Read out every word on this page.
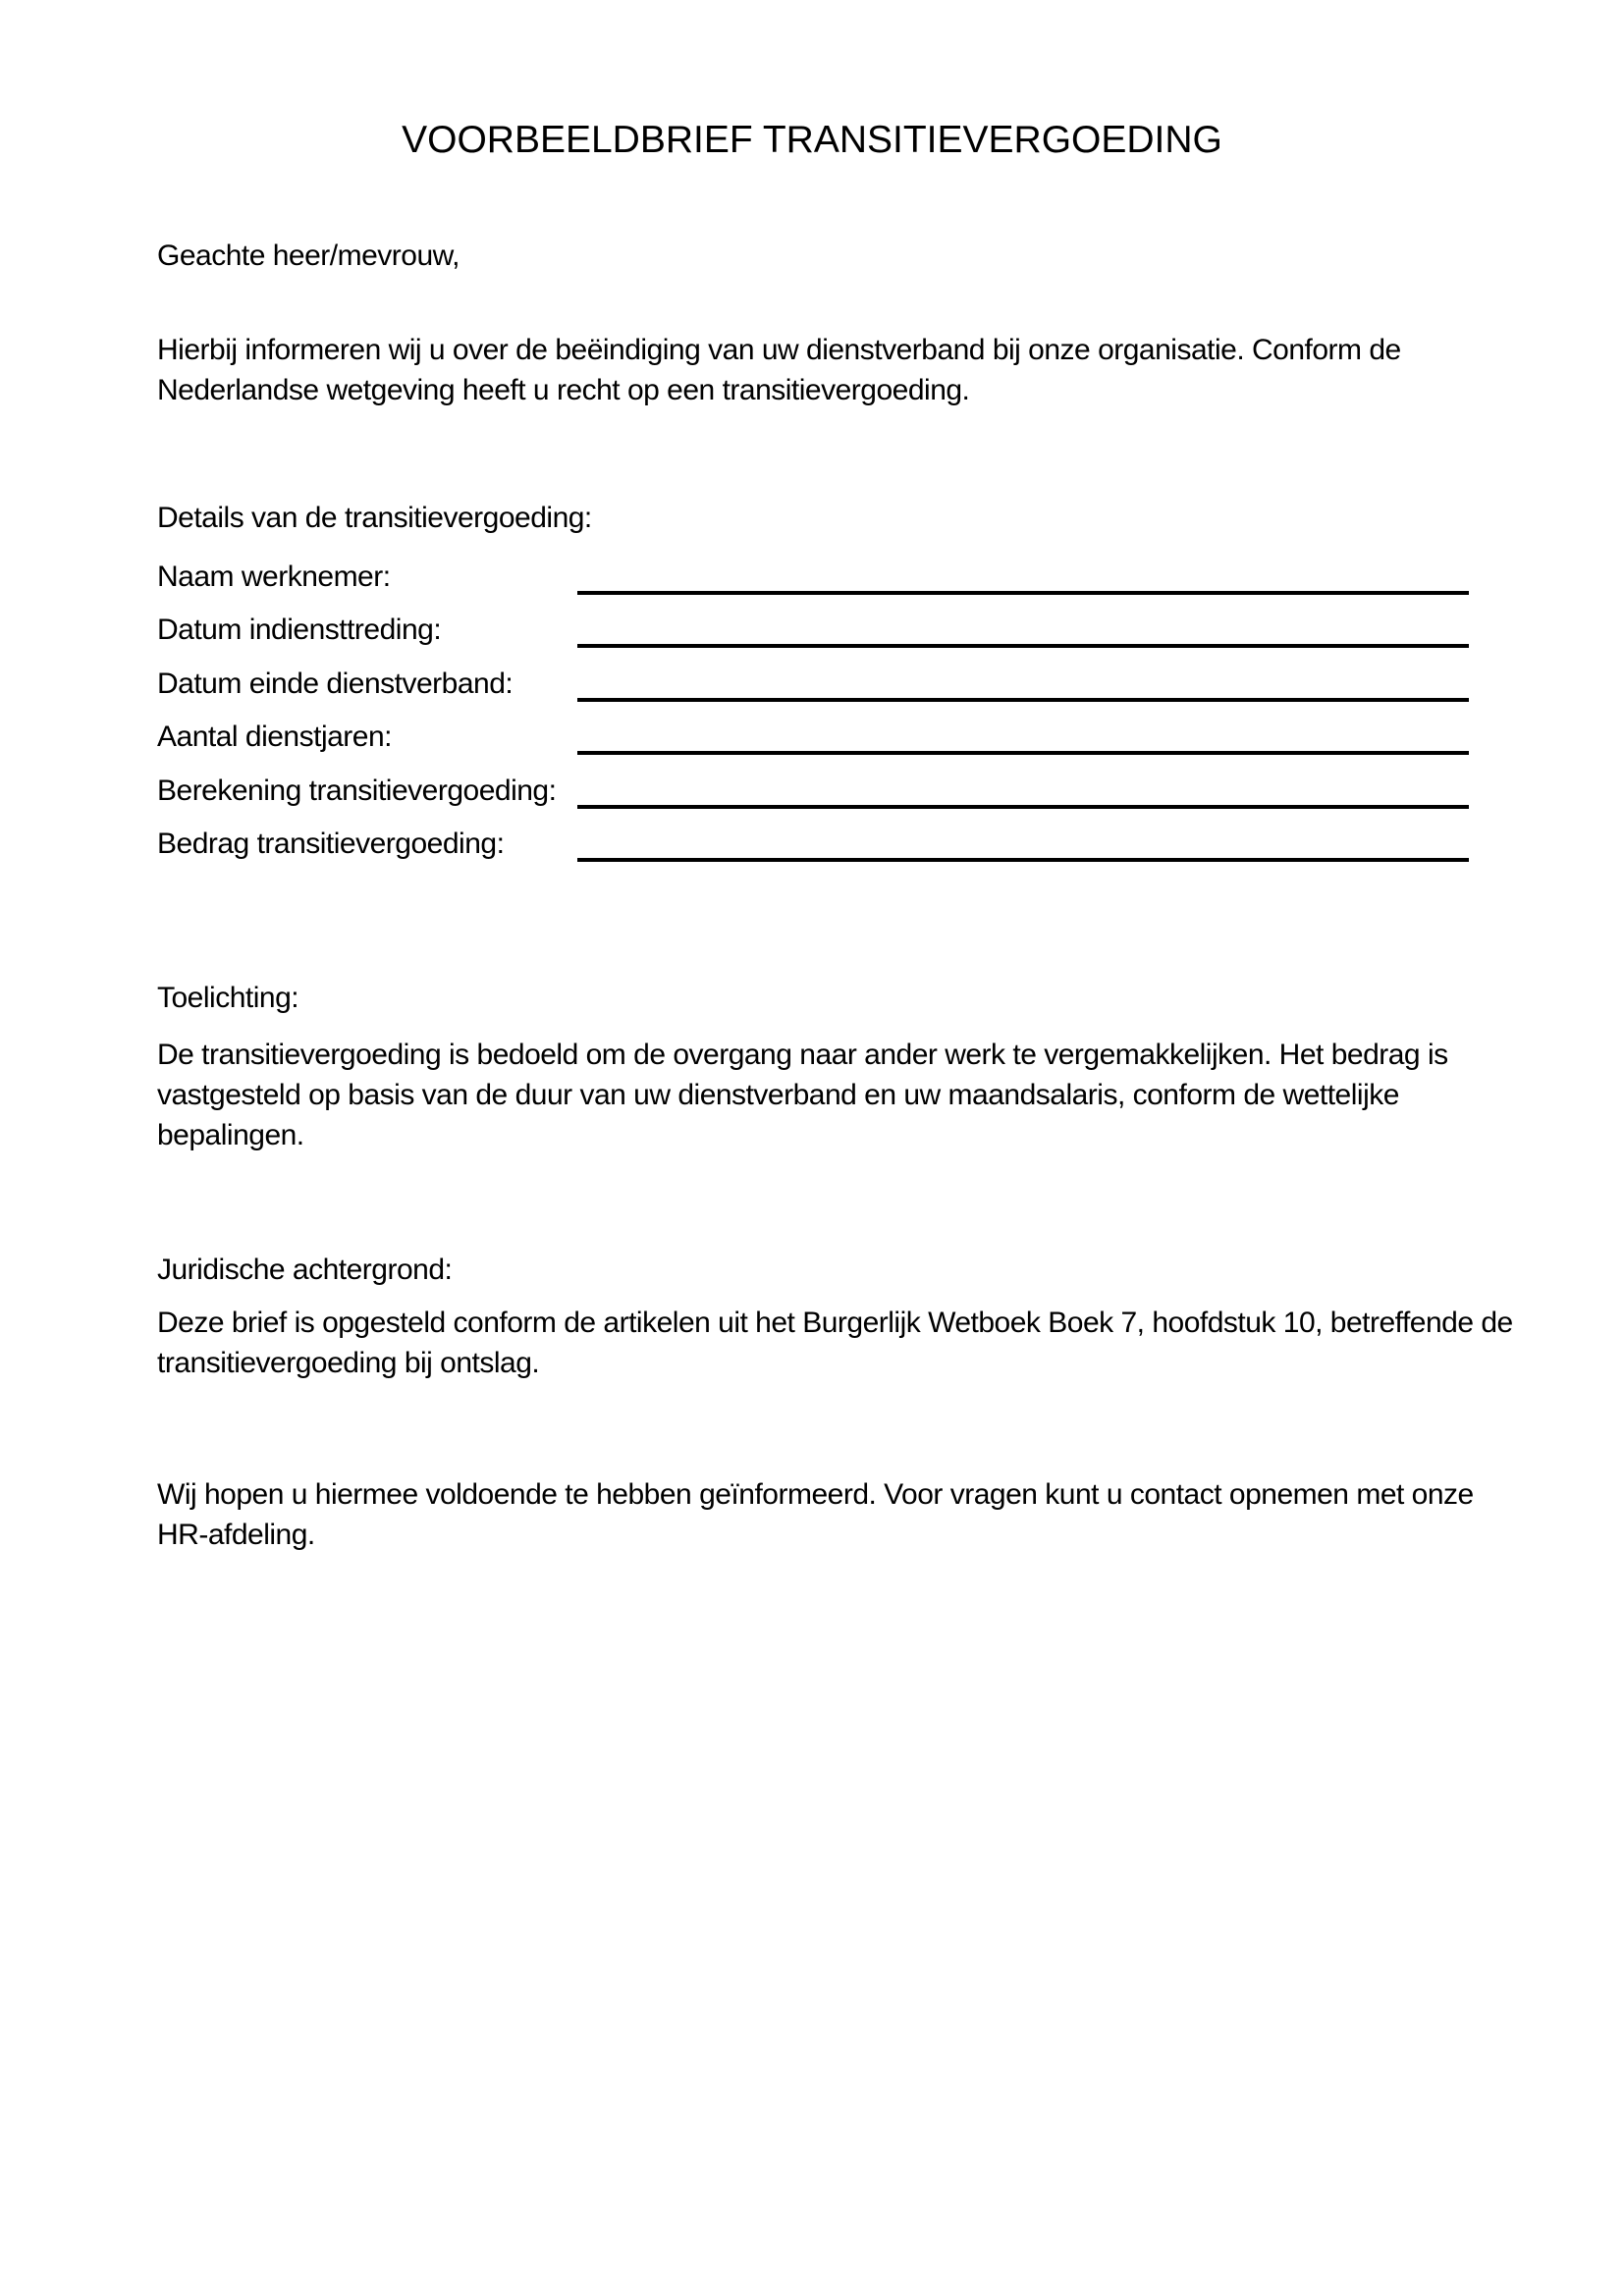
VOORBEELDBRIEF TRANSITIEVERGOEDING
Geachte heer/mevrouw,
Hierbij informeren wij u over de beëindiging van uw dienstverband bij onze organisatie. Conform de
Nederlandse wetgeving heeft u recht op een transitievergoeding.
Details van de transitievergoeding:
Naam werknemer:
Datum indiensttreding:
Datum einde dienstverband:
Aantal dienstjaren:
Berekening transitievergoeding:
Bedrag transitievergoeding:
Toelichting:
De transitievergoeding is bedoeld om de overgang naar ander werk te vergemakkelijken. Het bedrag is
vastgesteld op basis van de duur van uw dienstverband en uw maandsalaris, conform de wettelijke
bepalingen.
Juridische achtergrond:
Deze brief is opgesteld conform de artikelen uit het Burgerlijk Wetboek Boek 7, hoofdstuk 10, betreffende de
transitievergoeding bij ontslag.
Wij hopen u hiermee voldoende te hebben geïnformeerd. Voor vragen kunt u contact opnemen met onze
HR-afdeling.
